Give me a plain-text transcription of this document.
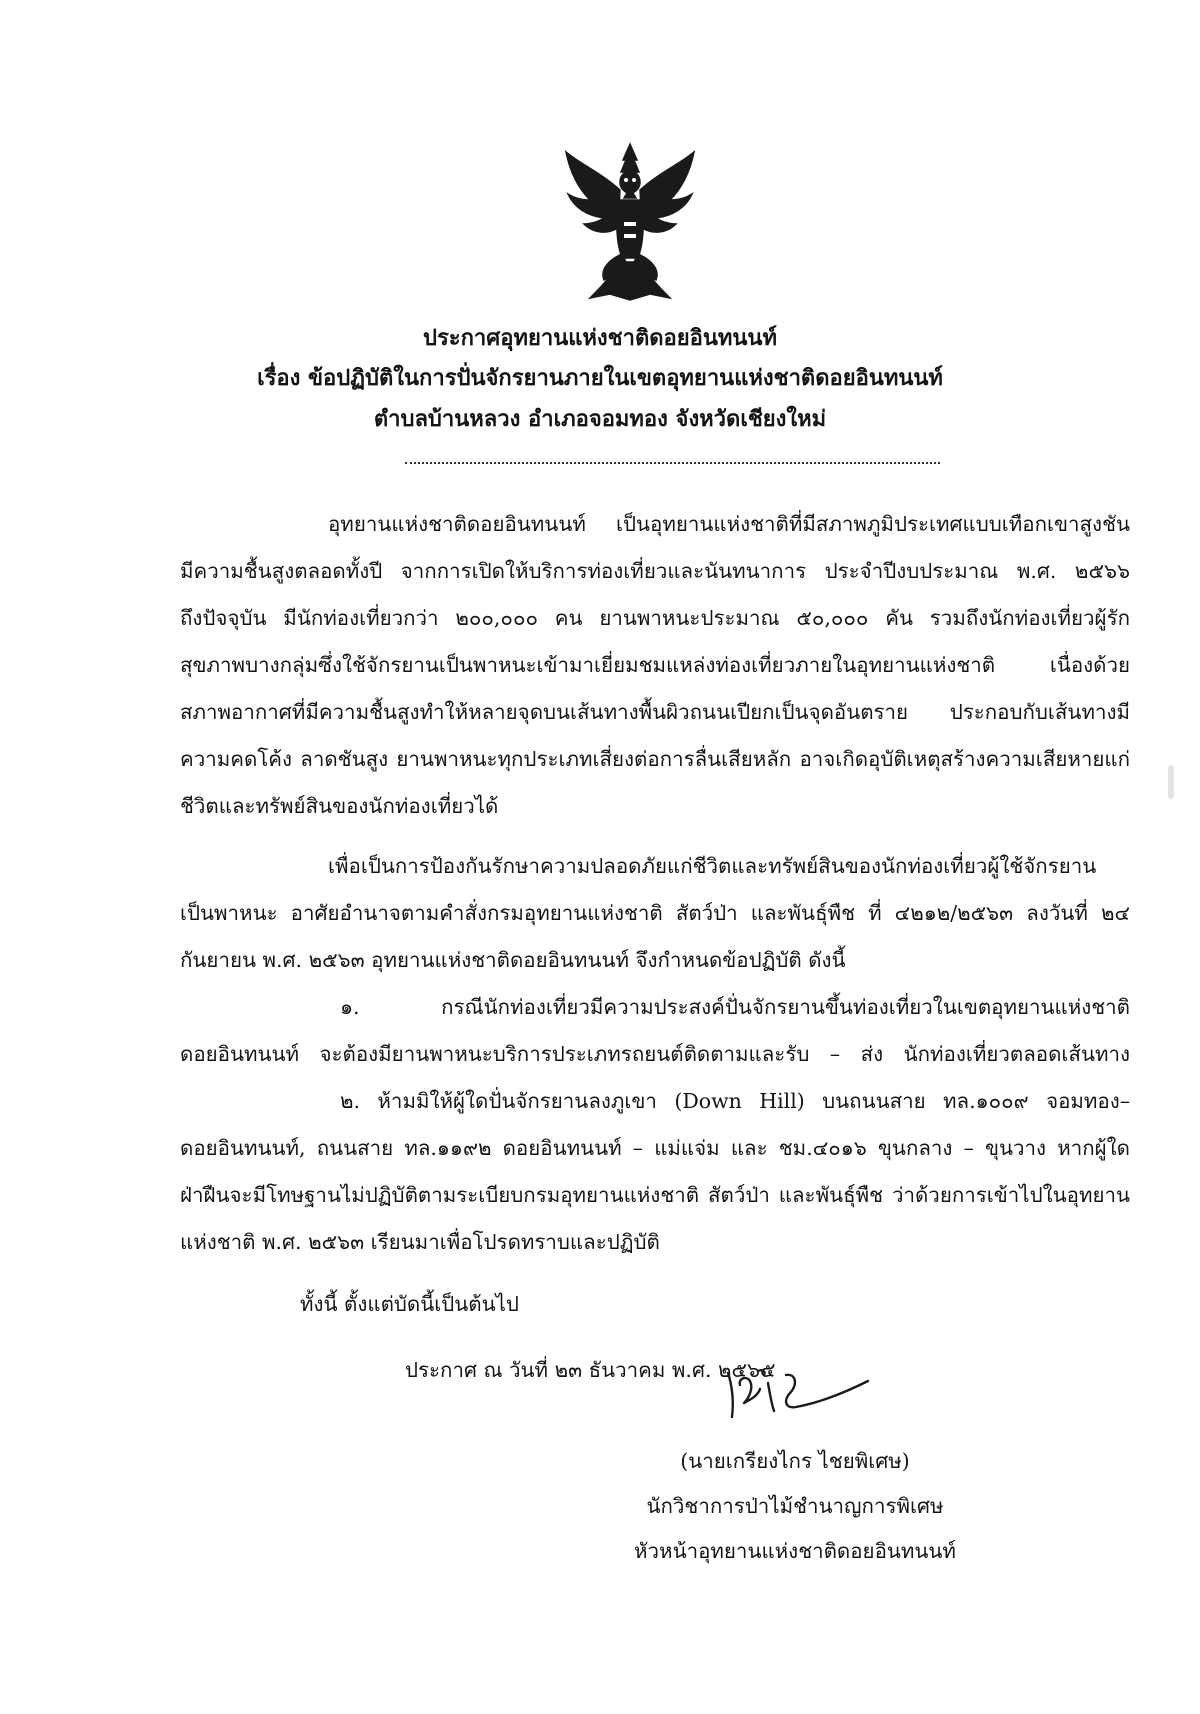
ประกาศอุทยานแห่งชาติดอยอินทนนท์
เรื่อง ข้อปฏิบัติในการปั่นจักรยานภายในเขตอุทยานแห่งชาติดอยอินทนนท์
ตำบลบ้านหลวง อำเภอจอมทอง จังหวัดเชียงใหม่
อุทยานแห่งชาติดอยอินทนนท์ เป็นอุทยานแห่งชาติที่มีสภาพภูมิประเทศแบบเทือกเขาสูงชัน
มีความชื้นสูงตลอดทั้งปี จากการเปิดให้บริการท่องเที่ยวและนันทนาการ ประจำปีงบประมาณ พ.ศ. ๒๕๖๖
ถึงปัจจุบัน มีนักท่องเที่ยวกว่า ๒๐๐,๐๐๐ คน ยานพาหนะประมาณ ๕๐,๐๐๐ คัน รวมถึงนักท่องเที่ยวผู้รัก
สุขภาพบางกลุ่มซึ่งใช้จักรยานเป็นพาหนะเข้ามาเยี่ยมชมแหล่งท่องเที่ยวภายในอุทยานแห่งชาติ เนื่องด้วย
สภาพอากาศที่มีความชื้นสูงทำให้หลายจุดบนเส้นทางพื้นผิวถนนเปียกเป็นจุดอันตราย ประกอบกับเส้นทางมี
ความคดโค้ง ลาดชันสูง ยานพาหนะทุกประเภทเสี่ยงต่อการลื่นเสียหลัก อาจเกิดอุบัติเหตุสร้างความเสียหายแก่
ชีวิตและทรัพย์สินของนักท่องเที่ยวได้
เพื่อเป็นการป้องกันรักษาความปลอดภัยแก่ชีวิตและทรัพย์สินของนักท่องเที่ยวผู้ใช้จักรยาน
เป็นพาหนะ อาศัยอำนาจตามคำสั่งกรมอุทยานแห่งชาติ สัตว์ป่า และพันธุ์พืช ที่ ๔๒๑๒/๒๕๖๓ ลงวันที่ ๒๔
กันยายน พ.ศ. ๒๕๖๓ อุทยานแห่งชาติดอยอินทนนท์ จึงกำหนดข้อปฏิบัติ ดังนี้
๑. กรณีนักท่องเที่ยวมีความประสงค์ปั่นจักรยานขึ้นท่องเที่ยวในเขตอุทยานแห่งชาติ
ดอยอินทนนท์ จะต้องมียานพาหนะบริการประเภทรถยนต์ติดตามและรับ – ส่ง นักท่องเที่ยวตลอดเส้นทาง
๒. ห้ามมิให้ผู้ใดปั่นจักรยานลงภูเขา (Down Hill) บนถนนสาย ทล.๑๐๐๙ จอมทอง–
ดอยอินทนนท์, ถนนสาย ทล.๑๑๙๒ ดอยอินทนนท์ – แม่แจ่ม และ ชม.๔๐๑๖ ขุนกลาง – ขุนวาง หากผู้ใด
ฝ่าฝืนจะมีโทษฐานไม่ปฏิบัติตามระเบียบกรมอุทยานแห่งชาติ สัตว์ป่า และพันธุ์พืช ว่าด้วยการเข้าไปในอุทยาน
แห่งชาติ พ.ศ. ๒๕๖๓ เรียนมาเพื่อโปรดทราบและปฏิบัติ
ทั้งนี้ ตั้งแต่บัดนี้เป็นต้นไป
ประกาศ ณ วันที่ ๒๓ ธันวาคม พ.ศ. ๒๕๖๕
(นายเกรียงไกร ไชยพิเศษ)
นักวิชาการป่าไม้ชำนาญการพิเศษ
หัวหน้าอุทยานแห่งชาติดอยอินทนนท์
